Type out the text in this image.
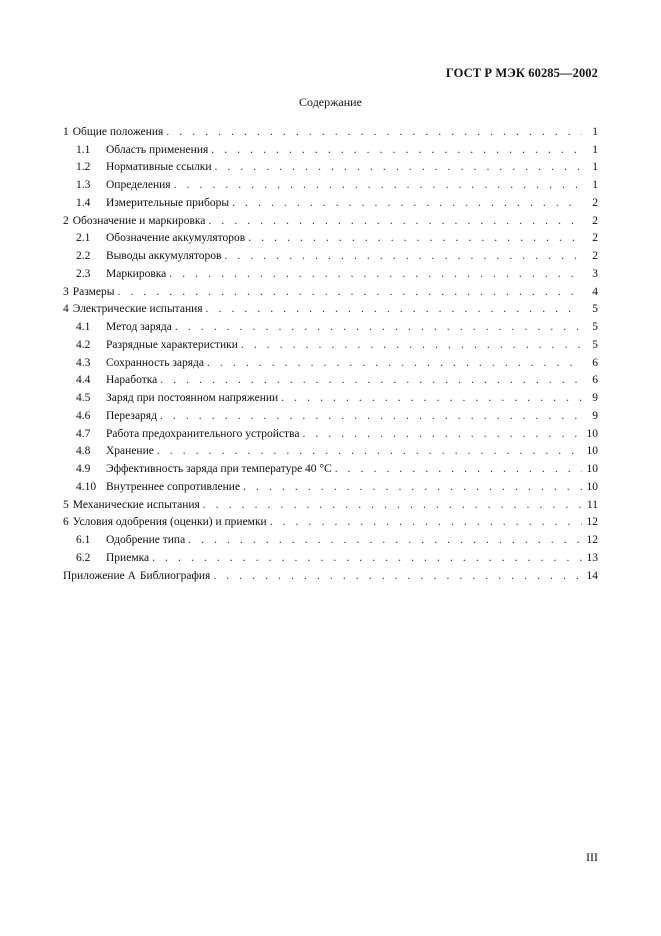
ГОСТ Р МЭК 60285—2002
Содержание
1 Общие положения . . .	1
1.1	Область применения . . .	1
1.2	Нормативные ссылки . . .	1
1.3	Определения . . .	1
1.4	Измерительные приборы . . .	2
2 Обозначение и маркировка . . .	2
2.1	Обозначение аккумуляторов . . .	2
2.2	Выводы аккумуляторов . . .	2
2.3	Маркировка . . .	3
3 Размеры . . .	4
4 Электрические испытания . . .	5
4.1	Метод заряда . . .	5
4.2	Разрядные характеристики . . .	5
4.3	Сохранность заряда . . .	6
4.4	Наработка . . .	6
4.5	Заряд при постоянном напряжении . . .	9
4.6	Перезаряд . . .	9
4.7	Работа предохранительного устройства . . .	10
4.8	Хранение . . .	10
4.9	Эффективность заряда при температуре 40 °С . . .	10
4.10 Внутреннее сопротивление . . .	10
5 Механические испытания . . .	11
6 Условия одобрения (оценки) и приемки . . .	12
6.1	Одобрение типа . . .	12
6.2	Приемка . . .	13
Приложение А Библиография . . .	14
III
